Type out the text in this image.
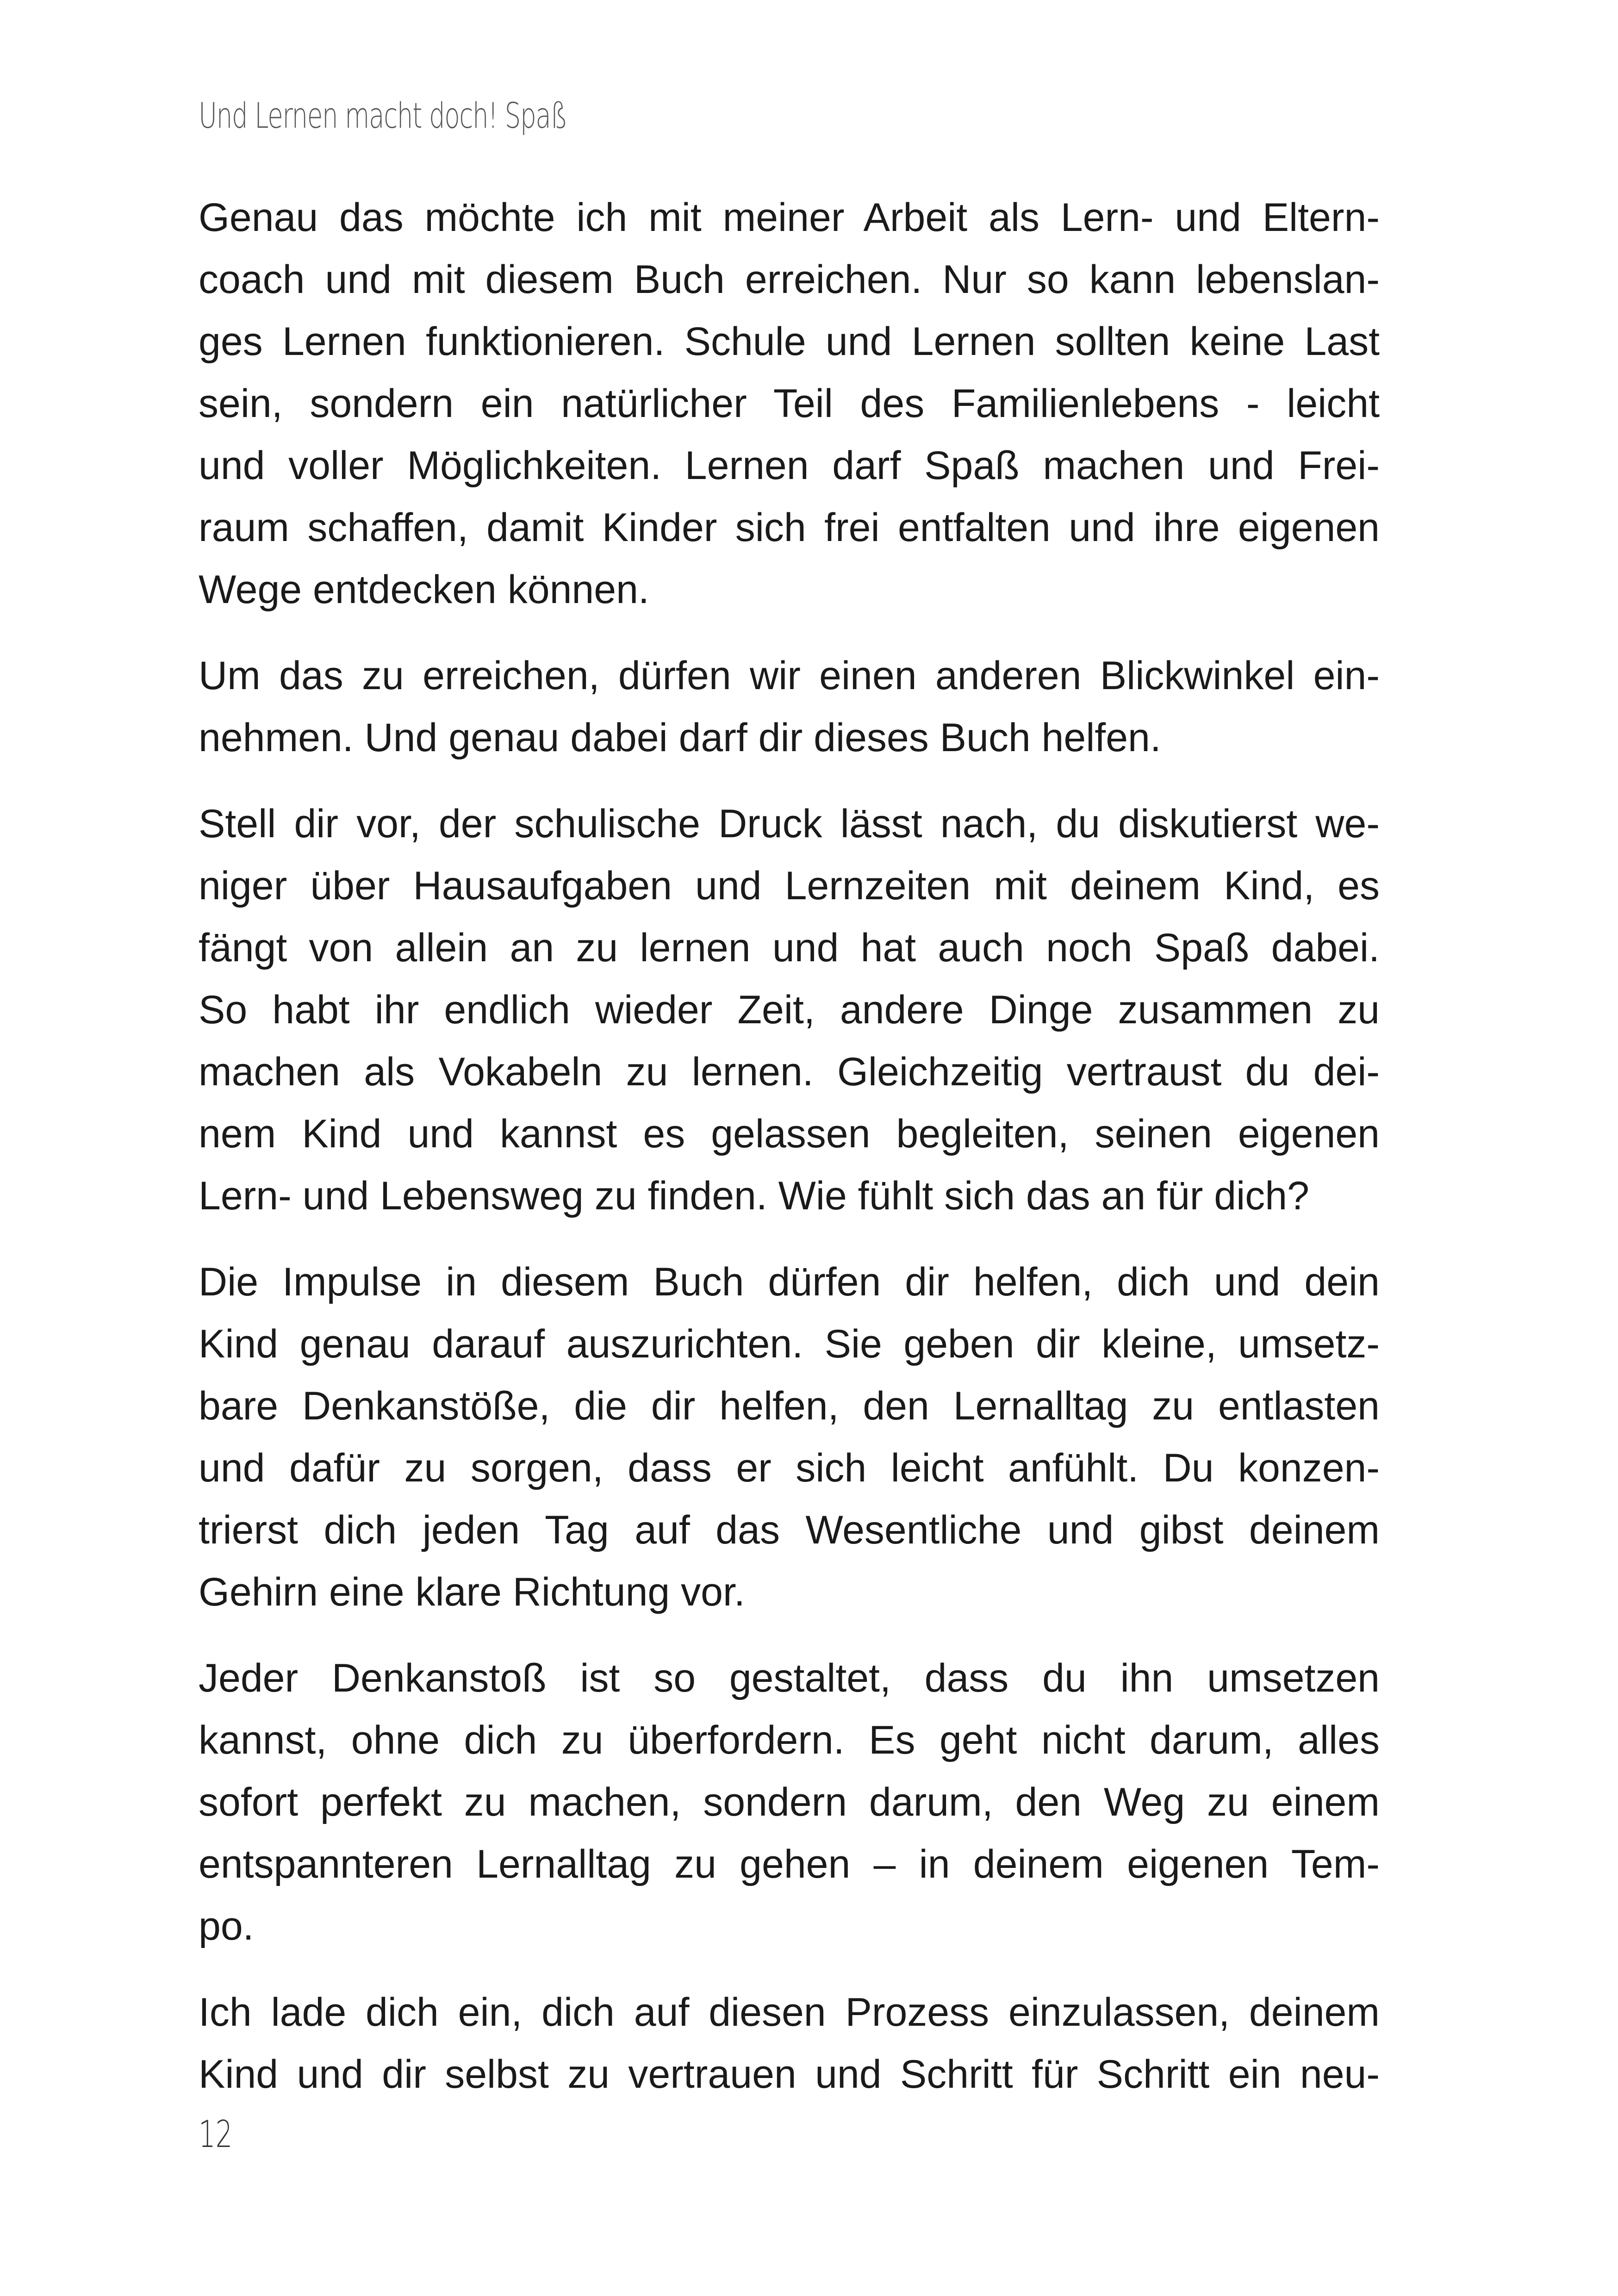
Und Lernen macht doch! Spaß
Genau das möchte ich mit meiner Arbeit als Lern- und Eltern-
coach und mit diesem Buch erreichen. Nur so kann lebenslan-
ges Lernen funktionieren. Schule und Lernen sollten keine Last
sein, sondern ein natürlicher Teil des Familienlebens - leicht
und voller Möglichkeiten. Lernen darf Spaß machen und Frei-
raum schaffen, damit Kinder sich frei entfalten und ihre eigenen
Wege entdecken können.
Um das zu erreichen, dürfen wir einen anderen Blickwinkel ein-
nehmen. Und genau dabei darf dir dieses Buch helfen.
Stell dir vor, der schulische Druck lässt nach, du diskutierst we-
niger über Hausaufgaben und Lernzeiten mit deinem Kind, es
fängt von allein an zu lernen und hat auch noch Spaß dabei.
So habt ihr endlich wieder Zeit, andere Dinge zusammen zu
machen als Vokabeln zu lernen. Gleichzeitig vertraust du dei-
nem Kind und kannst es gelassen begleiten, seinen eigenen
Lern- und Lebensweg zu finden. Wie fühlt sich das an für dich?
Die Impulse in diesem Buch dürfen dir helfen, dich und dein
Kind genau darauf auszurichten. Sie geben dir kleine, umsetz-
bare Denkanstöße, die dir helfen, den Lernalltag zu entlasten
und dafür zu sorgen, dass er sich leicht anfühlt. Du konzen-
trierst dich jeden Tag auf das Wesentliche und gibst deinem
Gehirn eine klare Richtung vor.
Jeder Denkanstoß ist so gestaltet, dass du ihn umsetzen
kannst, ohne dich zu überfordern. Es geht nicht darum, alles
sofort perfekt zu machen, sondern darum, den Weg zu einem
entspannteren Lernalltag zu gehen – in deinem eigenen Tem-
po.
Ich lade dich ein, dich auf diesen Prozess einzulassen, deinem
Kind und dir selbst zu vertrauen und Schritt für Schritt ein neu-
12
